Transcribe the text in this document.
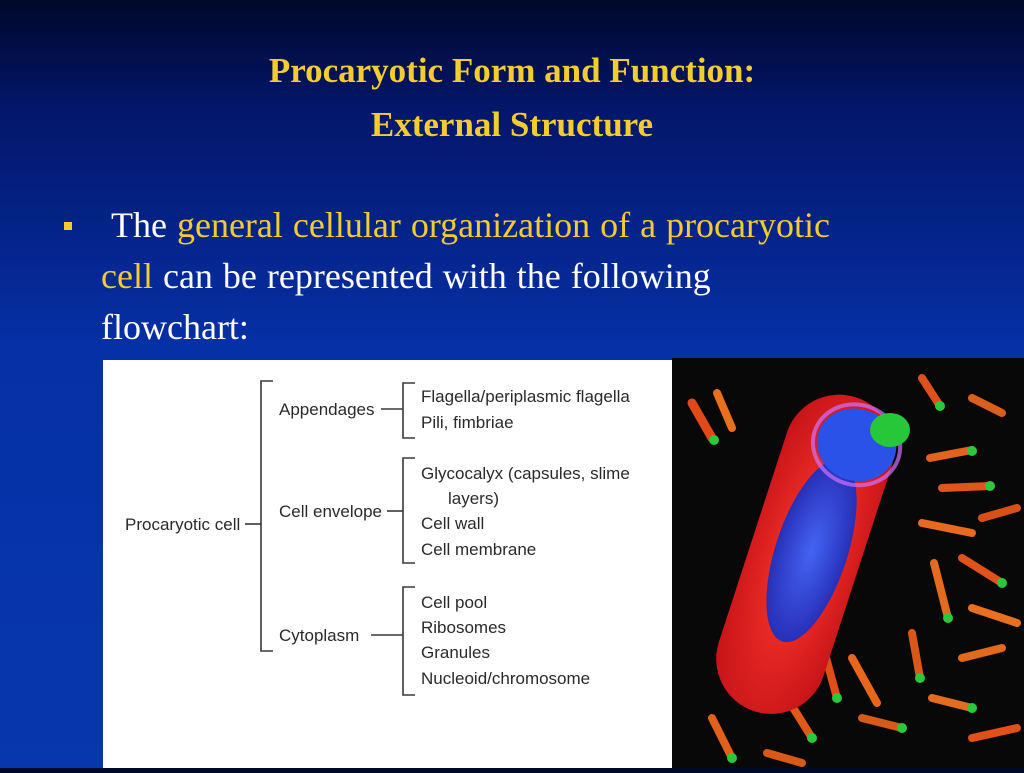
Procaryotic Form and Function:
External Structure
The general cellular organization of a procaryotic
cell can be represented with the following
flowchart:
Procaryotic cell
Appendages
Cell envelope
Cytoplasm
Flagella/periplasmic flagella
Pili, fimbriae
Glycocalyx (capsules, slime
layers)
Cell wall
Cell membrane
Cell pool
Ribosomes
Granules
Nucleoid/chromosome
